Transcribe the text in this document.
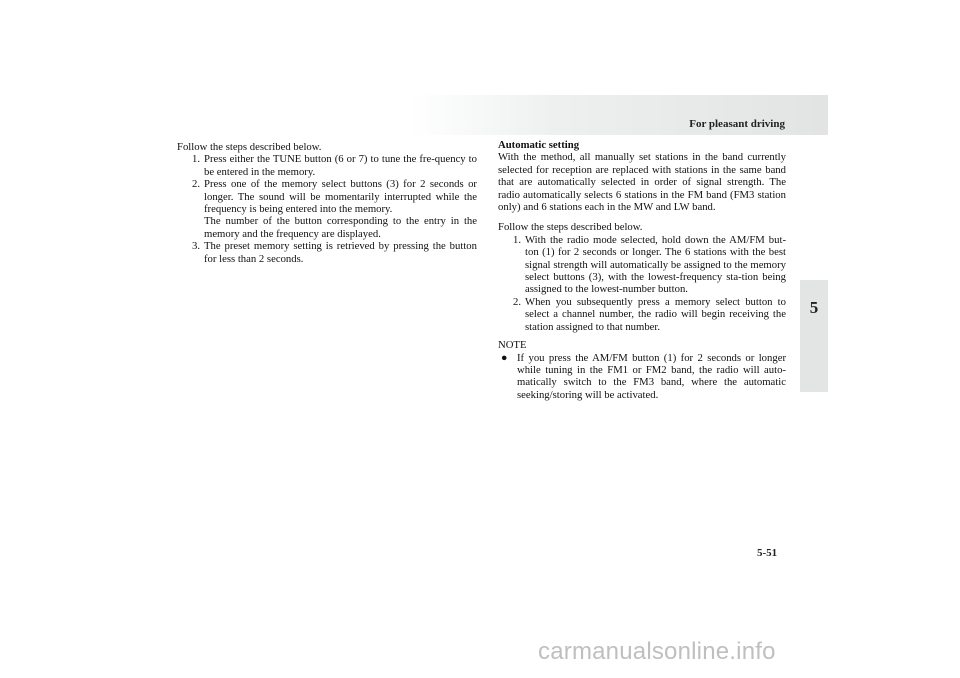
For pleasant driving
5

Follow the steps described below.

1. Press either the TUNE button (6 or 7) to tune the fre-quency to be entered in the memory.
2. Press one of the memory select buttons (3) for 2 seconds or longer. The sound will be momentarily interrupted while the frequency is being entered into the memory.

The number of the button corresponding to the entry in the memory and the frequency are displayed.

3. The preset memory setting is retrieved by pressing the button for less than 2 seconds.

Automatic setting

With the method, all manually set stations in the band currently selected for reception are replaced with stations in the same band that are automatically selected in order of signal strength. The radio automatically selects 6 stations in the FM band (FM3 station only) and 6 stations each in the MW and LW band.

Follow the steps described below.

1. With the radio mode selected, hold down the AM/FM but-ton (1) for 2 seconds or longer. The 6 stations with the best signal strength will automatically be assigned to the memory select buttons (3), with the lowest-frequency sta-tion being assigned to the lowest-number button.
2. When you subsequently press a memory select button to select a channel number, the radio will begin receiving the station assigned to that number.

NOTE

● If you press the AM/FM button (1) for 2 seconds or longer while tuning in the FM1 or FM2 band, the radio will auto-matically switch to the FM3 band, where the automatic seeking/storing will be activated.
5-51
carmanualsonline.info
